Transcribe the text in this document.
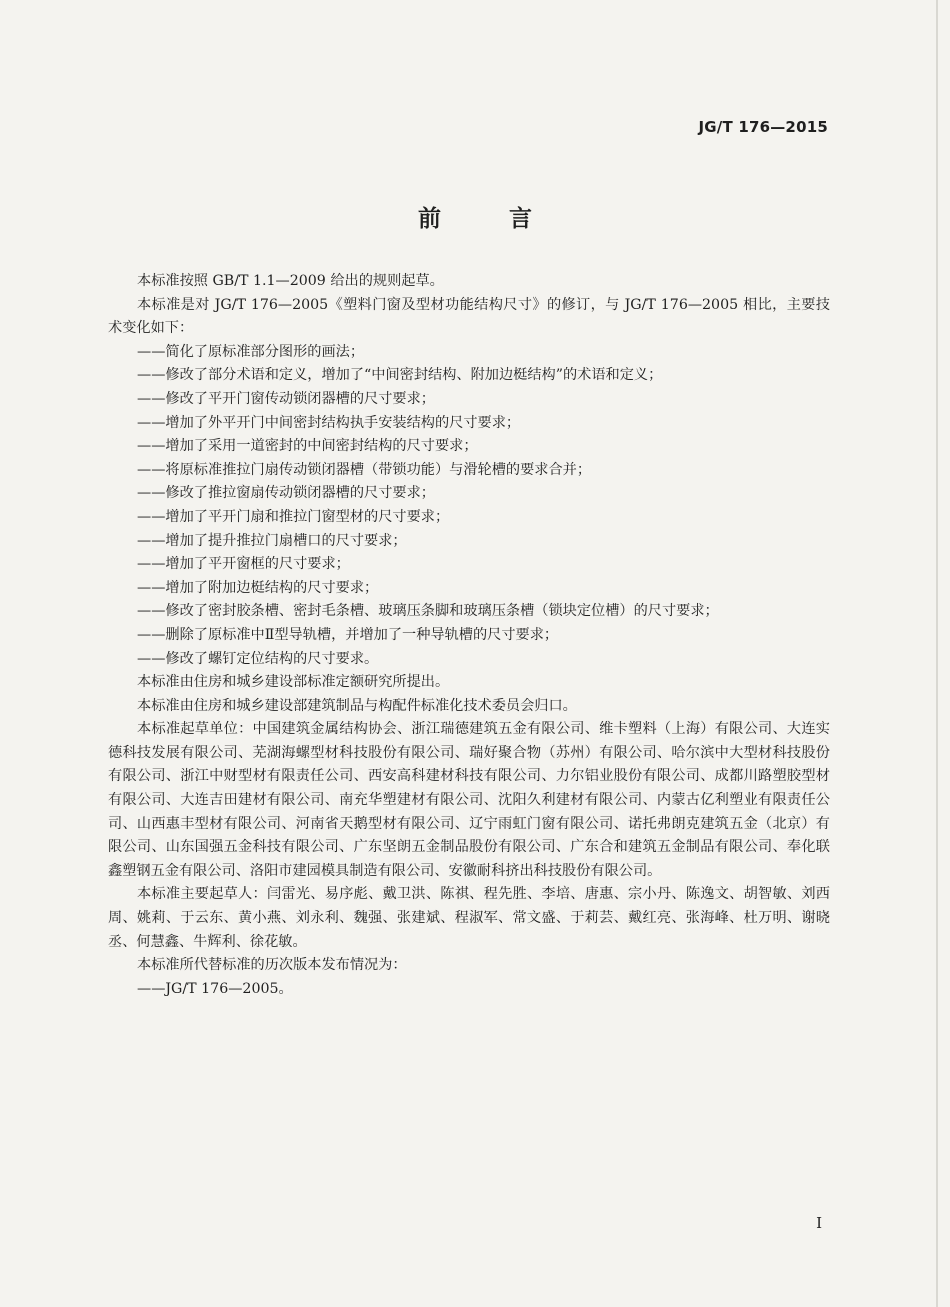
JG/T 176—2015
前 言

本标准按照 GB/T 1.1—2009 给出的规则起草。

本标准是对 JG/T 176—2005《塑料门窗及型材功能结构尺寸》的修订，与 JG/T 176—2005 相比，主要技术变化如下：

——简化了原标准部分图形的画法；

——修改了部分术语和定义，增加了“中间密封结构、附加边梃结构”的术语和定义；

——修改了平开门窗传动锁闭器槽的尺寸要求；

——增加了外平开门中间密封结构执手安装结构的尺寸要求；

——增加了采用一道密封的中间密封结构的尺寸要求；

——将原标准推拉门扇传动锁闭器槽（带锁功能）与滑轮槽的要求合并；

——修改了推拉窗扇传动锁闭器槽的尺寸要求；

——增加了平开门扇和推拉门窗型材的尺寸要求；

——增加了提升推拉门扇槽口的尺寸要求；

——增加了平开窗框的尺寸要求；

——增加了附加边梃结构的尺寸要求；

——修改了密封胶条槽、密封毛条槽、玻璃压条脚和玻璃压条槽（锁块定位槽）的尺寸要求；

——删除了原标准中Ⅱ型导轨槽，并增加了一种导轨槽的尺寸要求；

——修改了螺钉定位结构的尺寸要求。

本标准由住房和城乡建设部标准定额研究所提出。

本标准由住房和城乡建设部建筑制品与构配件标准化技术委员会归口。

本标准起草单位：中国建筑金属结构协会、浙江瑞德建筑五金有限公司、维卡塑料（上海）有限公司、大连实德科技发展有限公司、芜湖海螺型材科技股份有限公司、瑞好聚合物（苏州）有限公司、哈尔滨中大型材科技股份有限公司、浙江中财型材有限责任公司、西安高科建材科技有限公司、力尔铝业股份有限公司、成都川路塑胶型材有限公司、大连吉田建材有限公司、南充华塑建材有限公司、沈阳久利建材有限公司、内蒙古亿利塑业有限责任公司、山西惠丰型材有限公司、河南省天鹅型材有限公司、辽宁雨虹门窗有限公司、诺托弗朗克建筑五金（北京）有限公司、山东国强五金科技有限公司、广东坚朗五金制品股份有限公司、广东合和建筑五金制品有限公司、奉化联鑫塑钢五金有限公司、洛阳市建园模具制造有限公司、安徽耐科挤出科技股份有限公司。

本标准主要起草人：闫雷光、易序彪、戴卫洪、陈祺、程先胜、李培、唐惠、宗小丹、陈逸文、胡智敏、刘西周、姚莉、于云东、黄小燕、刘永利、魏强、张建斌、程淑军、常文盛、于莉芸、戴红亮、张海峰、杜万明、谢晓丞、何慧鑫、牛辉利、徐花敏。

本标准所代替标准的历次版本发布情况为：

——JG/T 176—2005。

I
